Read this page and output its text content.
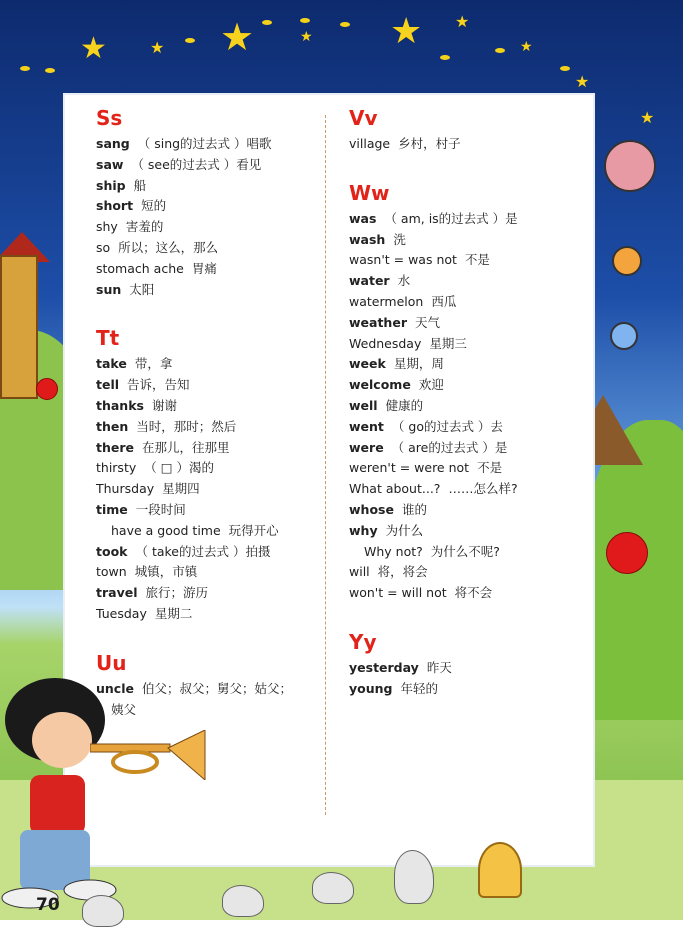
★	★	★
★
★
★
★
★
★
Ss
sang （ sing的过去式 ）唱歌
saw （ see的过去式 ）看见
ship 船
short 短的
shy 害羞的
so 所以；这么，那么
stomach ache 胃痛
sun 太阳
Tt
take 带，拿
tell 告诉，告知
thanks 谢谢
then 当时，那时；然后
there 在那儿，往那里
thirsty （ □ ）渴的
Thursday 星期四
time 一段时间
have a good time 玩得开心
took （ take的过去式 ）拍摄
town 城镇，市镇
travel 旅行；游历
Tuesday 星期二
Uu
uncle 伯父；叔父；舅父；姑父；
姨父
Vv
village 乡村，村子
Ww
was （ am, is的过去式 ）是
wash 洗
wasn't = was not 不是
water 水
watermelon 西瓜
weather 天气
Wednesday 星期三
week 星期，周
welcome 欢迎
well 健康的
went （ go的过去式 ）去
were （ are的过去式 ）是
weren't = were not 不是
What about...? ……怎么样?
whose 谁的
why 为什么
Why not? 为什么不呢?
will 将，将会
won't = will not 将不会
Yy
yesterday 昨天
young 年轻的
70
